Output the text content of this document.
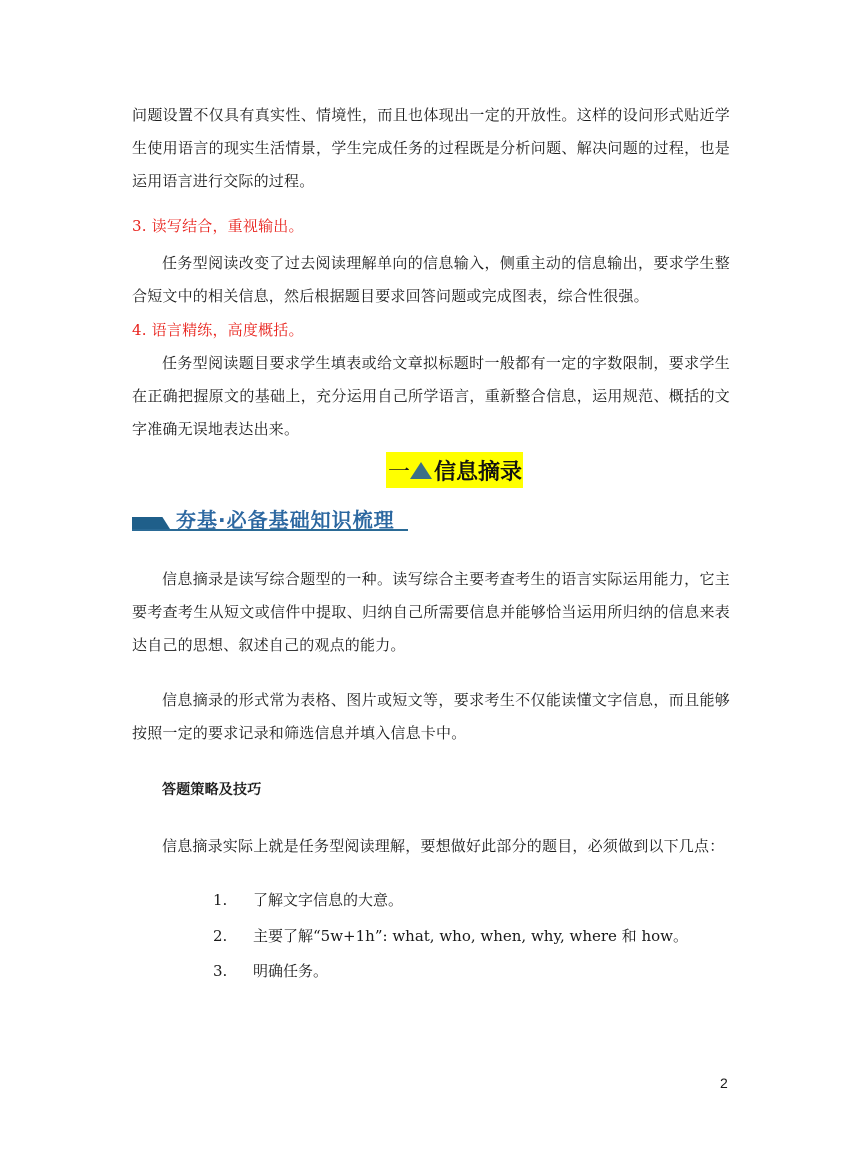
问题设置不仅具有真实性、情境性，而且也体现出一定的开放性。这样的设问形式贴近学生使用语言的现实生活情景，学生完成任务的过程既是分析问题、解决问题的过程，也是运用语言进行交际的过程。
3. 读写结合，重视输出。
任务型阅读改变了过去阅读理解单向的信息输入，侧重主动的信息输出，要求学生整合短文中的相关信息，然后根据题目要求回答问题或完成图表，综合性很强。
4. 语言精练，高度概括。
任务型阅读题目要求学生填表或给文章拟标题时一般都有一定的字数限制，要求学生在正确把握原文的基础上，充分运用自己所学语言，重新整合信息，运用规范、概括的文字准确无误地表达出来。
一 信息摘录
夯基·必备基础知识梳理
信息摘录是读写综合题型的一种。读写综合主要考查考生的语言实际运用能力，它主要考查考生从短文或信件中提取、归纳自己所需要信息并能够恰当运用所归纳的信息来表达自己的思想、叙述自己的观点的能力。
信息摘录的形式常为表格、图片或短文等，要求考生不仅能读懂文字信息，而且能够按照一定的要求记录和筛选信息并填入信息卡中。
答题策略及技巧
信息摘录实际上就是任务型阅读理解，要想做好此部分的题目，必须做到以下几点：
1. 了解文字信息的大意。
2. 主要了解“5w+1h”: what, who, when, why, where 和 how。
3. 明确任务。
2
